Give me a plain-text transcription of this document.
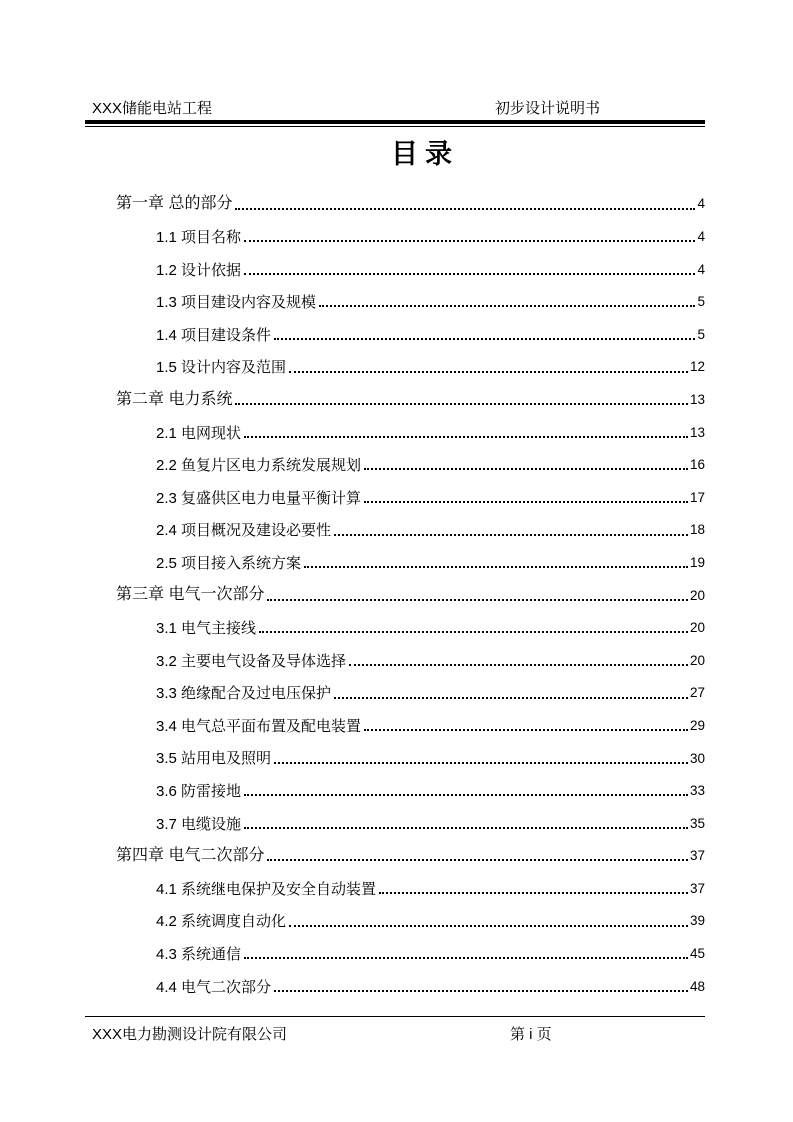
XXX储能电站工程	初步设计说明书
目录
第一章 总的部分	4
1.1 项目名称	4
1.2 设计依据	4
1.3 项目建设内容及规模	5
1.4 项目建设条件	5
1.5 设计内容及范围	12
第二章 电力系统	13
2.1 电网现状	13
2.2 鱼复片区电力系统发展规划	16
2.3 复盛供区电力电量平衡计算	17
2.4 项目概况及建设必要性	18
2.5 项目接入系统方案	19
第三章 电气一次部分	20
3.1 电气主接线	20
3.2 主要电气设备及导体选择	20
3.3 绝缘配合及过电压保护	27
3.4 电气总平面布置及配电装置	29
3.5 站用电及照明	30
3.6 防雷接地	33
3.7 电缆设施	35
第四章 电气二次部分	37
4.1 系统继电保护及安全自动装置	37
4.2 系统调度自动化	39
4.3 系统通信	45
4.4 电气二次部分	48
XXX电力勘测设计院有限公司	第 i 页
